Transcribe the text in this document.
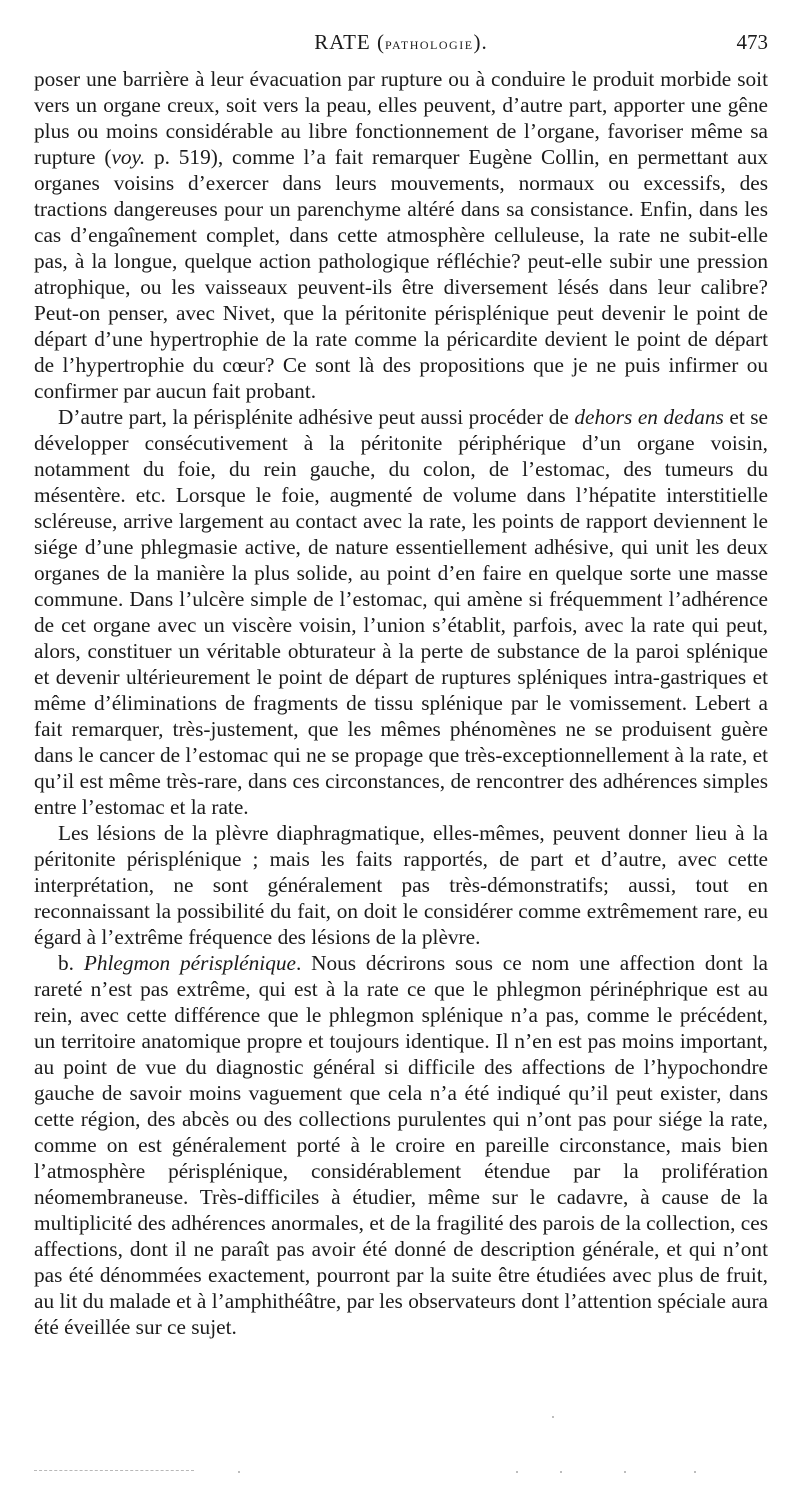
RATE (pathologie).	473

poser une barrière à leur évacuation par rupture ou à conduire le produit morbide soit vers un organe creux, soit vers la peau, elles peuvent, d’autre part, apporter une gêne plus ou moins considérable au libre fonctionnement de l’organe, favoriser même sa rupture (voy. p. 519), comme l’a fait remarquer Eugène Collin, en permettant aux organes voisins d’exercer dans leurs mouvements, normaux ou excessifs, des tractions dangereuses pour un parenchyme altéré dans sa consistance. Enfin, dans les cas d’engaînement complet, dans cette atmosphère celluleuse, la rate ne subit-elle pas, à la longue, quelque action pathologique réfléchie? peut-elle subir une pression atrophique, ou les vaisseaux peuvent-ils être diversement lésés dans leur calibre? Peut-on penser, avec Nivet, que la péritonite périsplénique peut devenir le point de départ d’une hypertrophie de la rate comme la péricardite devient le point de départ de l’hypertrophie du cœur? Ce sont là des propositions que je ne puis infirmer ou confirmer par aucun fait probant.

D’autre part, la périsplénite adhésive peut aussi procéder de dehors en dedans et se développer consécutivement à la péritonite périphérique d’un organe voisin, notamment du foie, du rein gauche, du colon, de l’estomac, des tumeurs du mésentère. etc. Lorsque le foie, augmenté de volume dans l’hépatite interstitielle scléreuse, arrive largement au contact avec la rate, les points de rapport deviennent le siége d’une phlegmasie active, de nature essentiellement adhésive, qui unit les deux organes de la manière la plus solide, au point d’en faire en quelque sorte une masse commune. Dans l’ulcère simple de l’estomac, qui amène si fréquemment l’adhérence de cet organe avec un viscère voisin, l’union s’établit, parfois, avec la rate qui peut, alors, constituer un véritable obturateur à la perte de substance de la paroi splénique et devenir ultérieurement le point de départ de ruptures spléniques intra-gastriques et même d’éliminations de fragments de tissu splénique par le vomissement. Lebert a fait remarquer, très-justement, que les mêmes phénomènes ne se produisent guère dans le cancer de l’estomac qui ne se propage que très-exceptionnellement à la rate, et qu’il est même très-rare, dans ces circonstances, de rencontrer des adhérences simples entre l’estomac et la rate.

Les lésions de la plèvre diaphragmatique, elles-mêmes, peuvent donner lieu à la péritonite périsplénique ; mais les faits rapportés, de part et d’autre, avec cette interprétation, ne sont généralement pas très-démonstratifs; aussi, tout en reconnaissant la possibilité du fait, on doit le considérer comme extrêmement rare, eu égard à l’extrême fréquence des lésions de la plèvre.

b. Phlegmon périsplénique. Nous décrirons sous ce nom une affection dont la rareté n’est pas extrême, qui est à la rate ce que le phlegmon périnéphrique est au rein, avec cette différence que le phlegmon splénique n’a pas, comme le précédent, un territoire anatomique propre et toujours identique. Il n’en est pas moins important, au point de vue du diagnostic général si difficile des affections de l’hypochondre gauche de savoir moins vaguement que cela n’a été indiqué qu’il peut exister, dans cette région, des abcès ou des collections purulentes qui n’ont pas pour siége la rate, comme on est généralement porté à le croire en pareille circonstance, mais bien l’atmosphère périsplénique, considérablement étendue par la prolifération néomembraneuse. Très-difficiles à étudier, même sur le cadavre, à cause de la multiplicité des adhérences anormales, et de la fragilité des parois de la collection, ces affections, dont il ne paraît pas avoir été donné de description générale, et qui n’ont pas été dénommées exactement, pourront par la suite être étudiées avec plus de fruit, au lit du malade et à l’amphithéâtre, par les observateurs dont l’attention spéciale aura été éveillée sur ce sujet.
